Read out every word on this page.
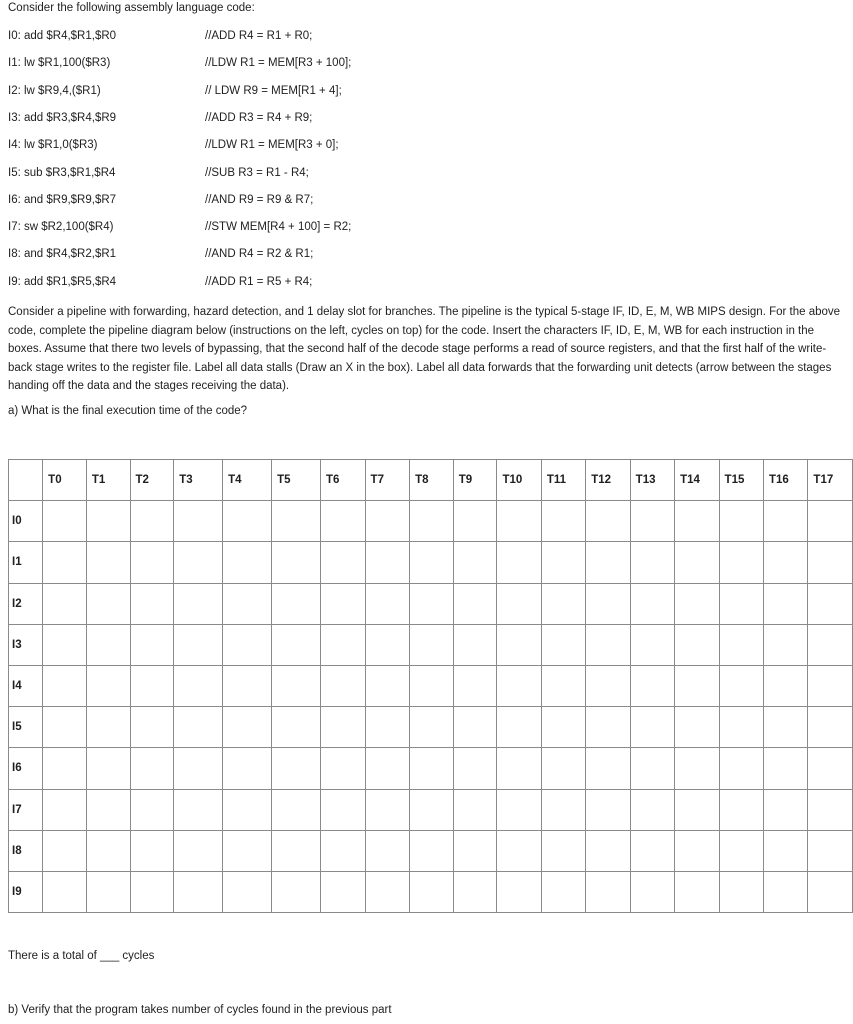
Consider the following assembly language code:
I0: add $R4,$R1,$R0	//ADD R4 = R1 + R0;
I1: lw $R1,100($R3)	//LDW R1 = MEM[R3 + 100];
I2: lw $R9,4,($R1)	// LDW R9 = MEM[R1 + 4];
I3: add $R3,$R4,$R9	//ADD R3 = R4 + R9;
I4: lw $R1,0($R3)	//LDW R1 = MEM[R3 + 0];
I5: sub $R3,$R1,$R4	//SUB R3 = R1 - R4;
I6: and $R9,$R9,$R7	//AND R9 = R9 & R7;
I7: sw $R2,100($R4)	//STW MEM[R4 + 100] = R2;
I8: and $R4,$R2,$R1	//AND R4 = R2 & R1;
I9: add $R1,$R5,$R4	//ADD R1 = R5 + R4;
Consider a pipeline with forwarding, hazard detection, and 1 delay slot for branches. The pipeline is the typical 5-stage IF, ID, E, M, WB MIPS design. For the above code, complete the pipeline diagram below (instructions on the left, cycles on top) for the code. Insert the characters IF, ID, E, M, WB for each instruction in the boxes. Assume that there two levels of bypassing, that the second half of the decode stage performs a read of source registers, and that the first half of the write-back stage writes to the register file. Label all data stalls (Draw an X in the box). Label all data forwards that the forwarding unit detects (arrow between the stages handing off the data and the stages receiving the data).
a) What is the final execution time of the code?
	T0	T1	T2	T3	T4	T5	T6	T7	T8	T9	T10	T11	T12	T13	T14	T15	T16	T17
I0																		
I1																		
I2																		
I3																		
I4																		
I5																		
I6																		
I7																		
I8																		
I9																		
There is a total of ___ cycles
b) Verify that the program takes number of cycles found in the previous part
